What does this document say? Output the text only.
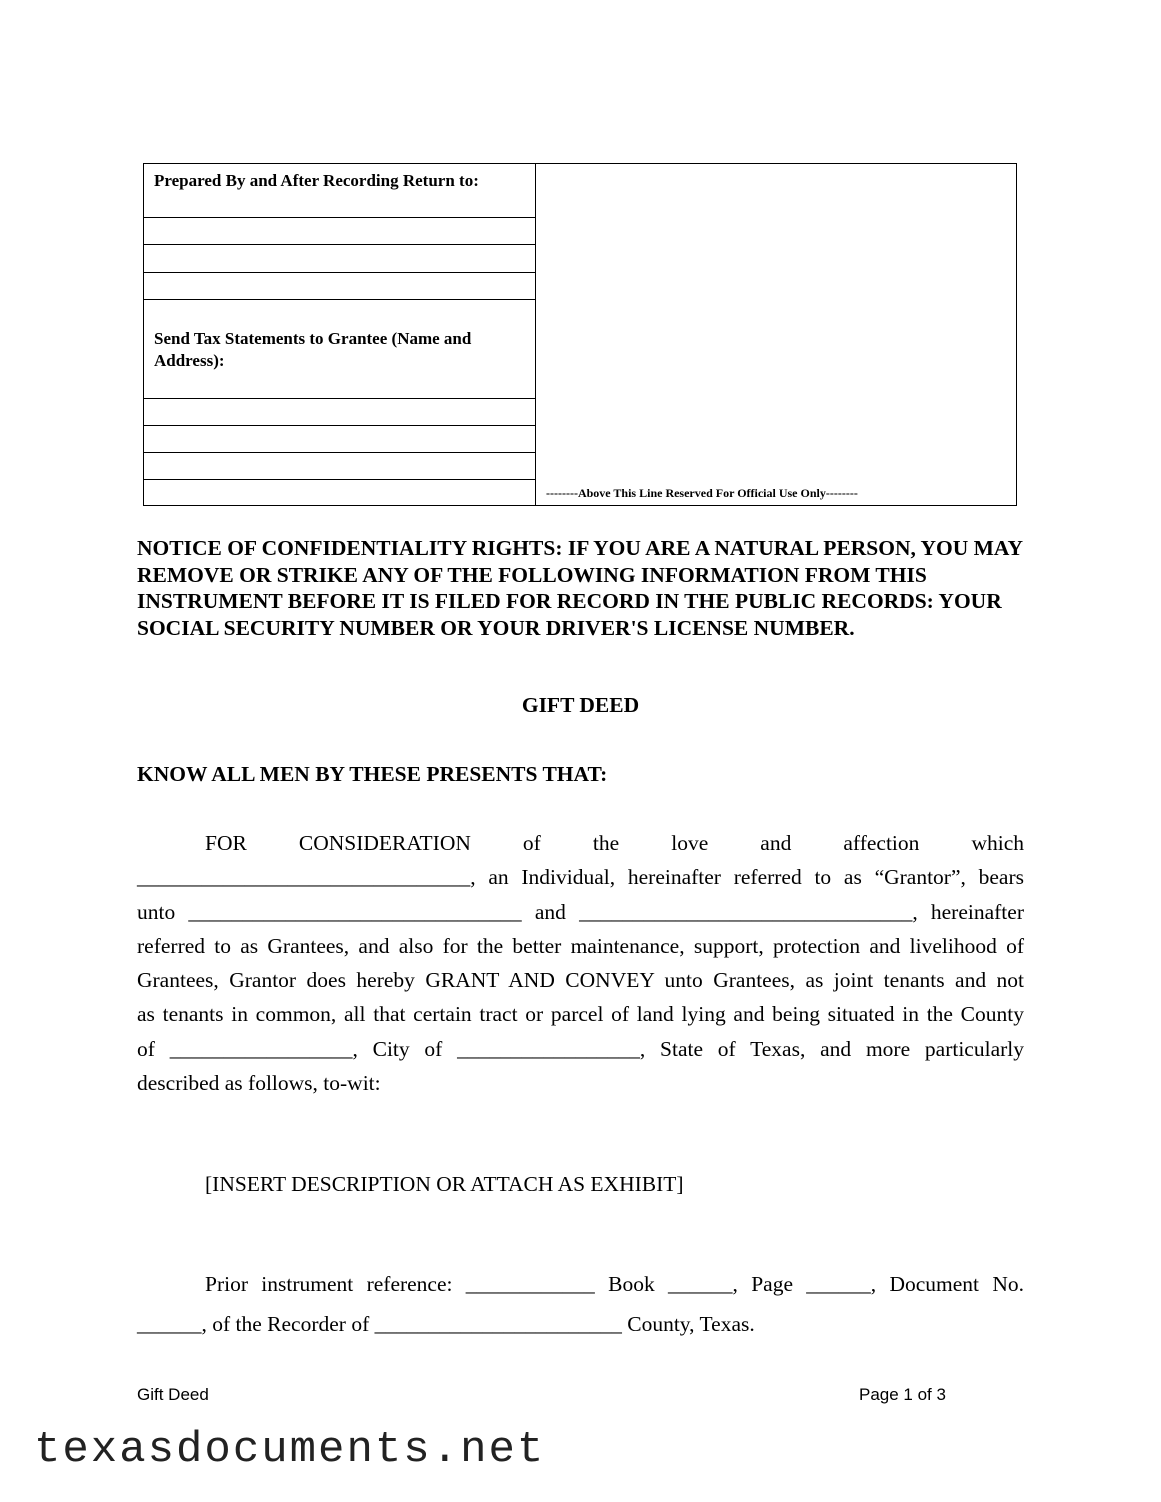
Prepared By and After Recording Return to:
Send Tax Statements to Grantee (Name and Address):
--------Above This Line Reserved For Official Use Only--------
NOTICE OF CONFIDENTIALITY RIGHTS: IF YOU ARE A NATURAL PERSON, YOU MAY REMOVE OR STRIKE ANY OF THE FOLLOWING INFORMATION FROM THIS INSTRUMENT BEFORE IT IS FILED FOR RECORD IN THE PUBLIC RECORDS: YOUR SOCIAL SECURITY NUMBER OR YOUR DRIVER'S LICENSE NUMBER.
GIFT DEED
KNOW ALL MEN BY THESE PRESENTS THAT:
FOR CONSIDERATION of the love and affection which
_______________________________, an Individual, hereinafter referred to as “Grantor”, bears
unto _______________________________ and _______________________________, hereinafter
referred to as Grantees, and also for the better maintenance, support, protection and livelihood of
Grantees, Grantor does hereby GRANT AND CONVEY unto Grantees, as joint tenants and not
as tenants in common, all that certain tract or parcel of land lying and being situated in the County
of _________________, City of _________________, State of Texas, and more particularly
described as follows, to-wit:
[INSERT DESCRIPTION OR ATTACH AS EXHIBIT]
Prior instrument reference: ____________ Book ______, Page ______, Document No.
______, of the Recorder of _______________________ County, Texas.
Gift Deed	Page 1 of 3
texasdocuments.net
